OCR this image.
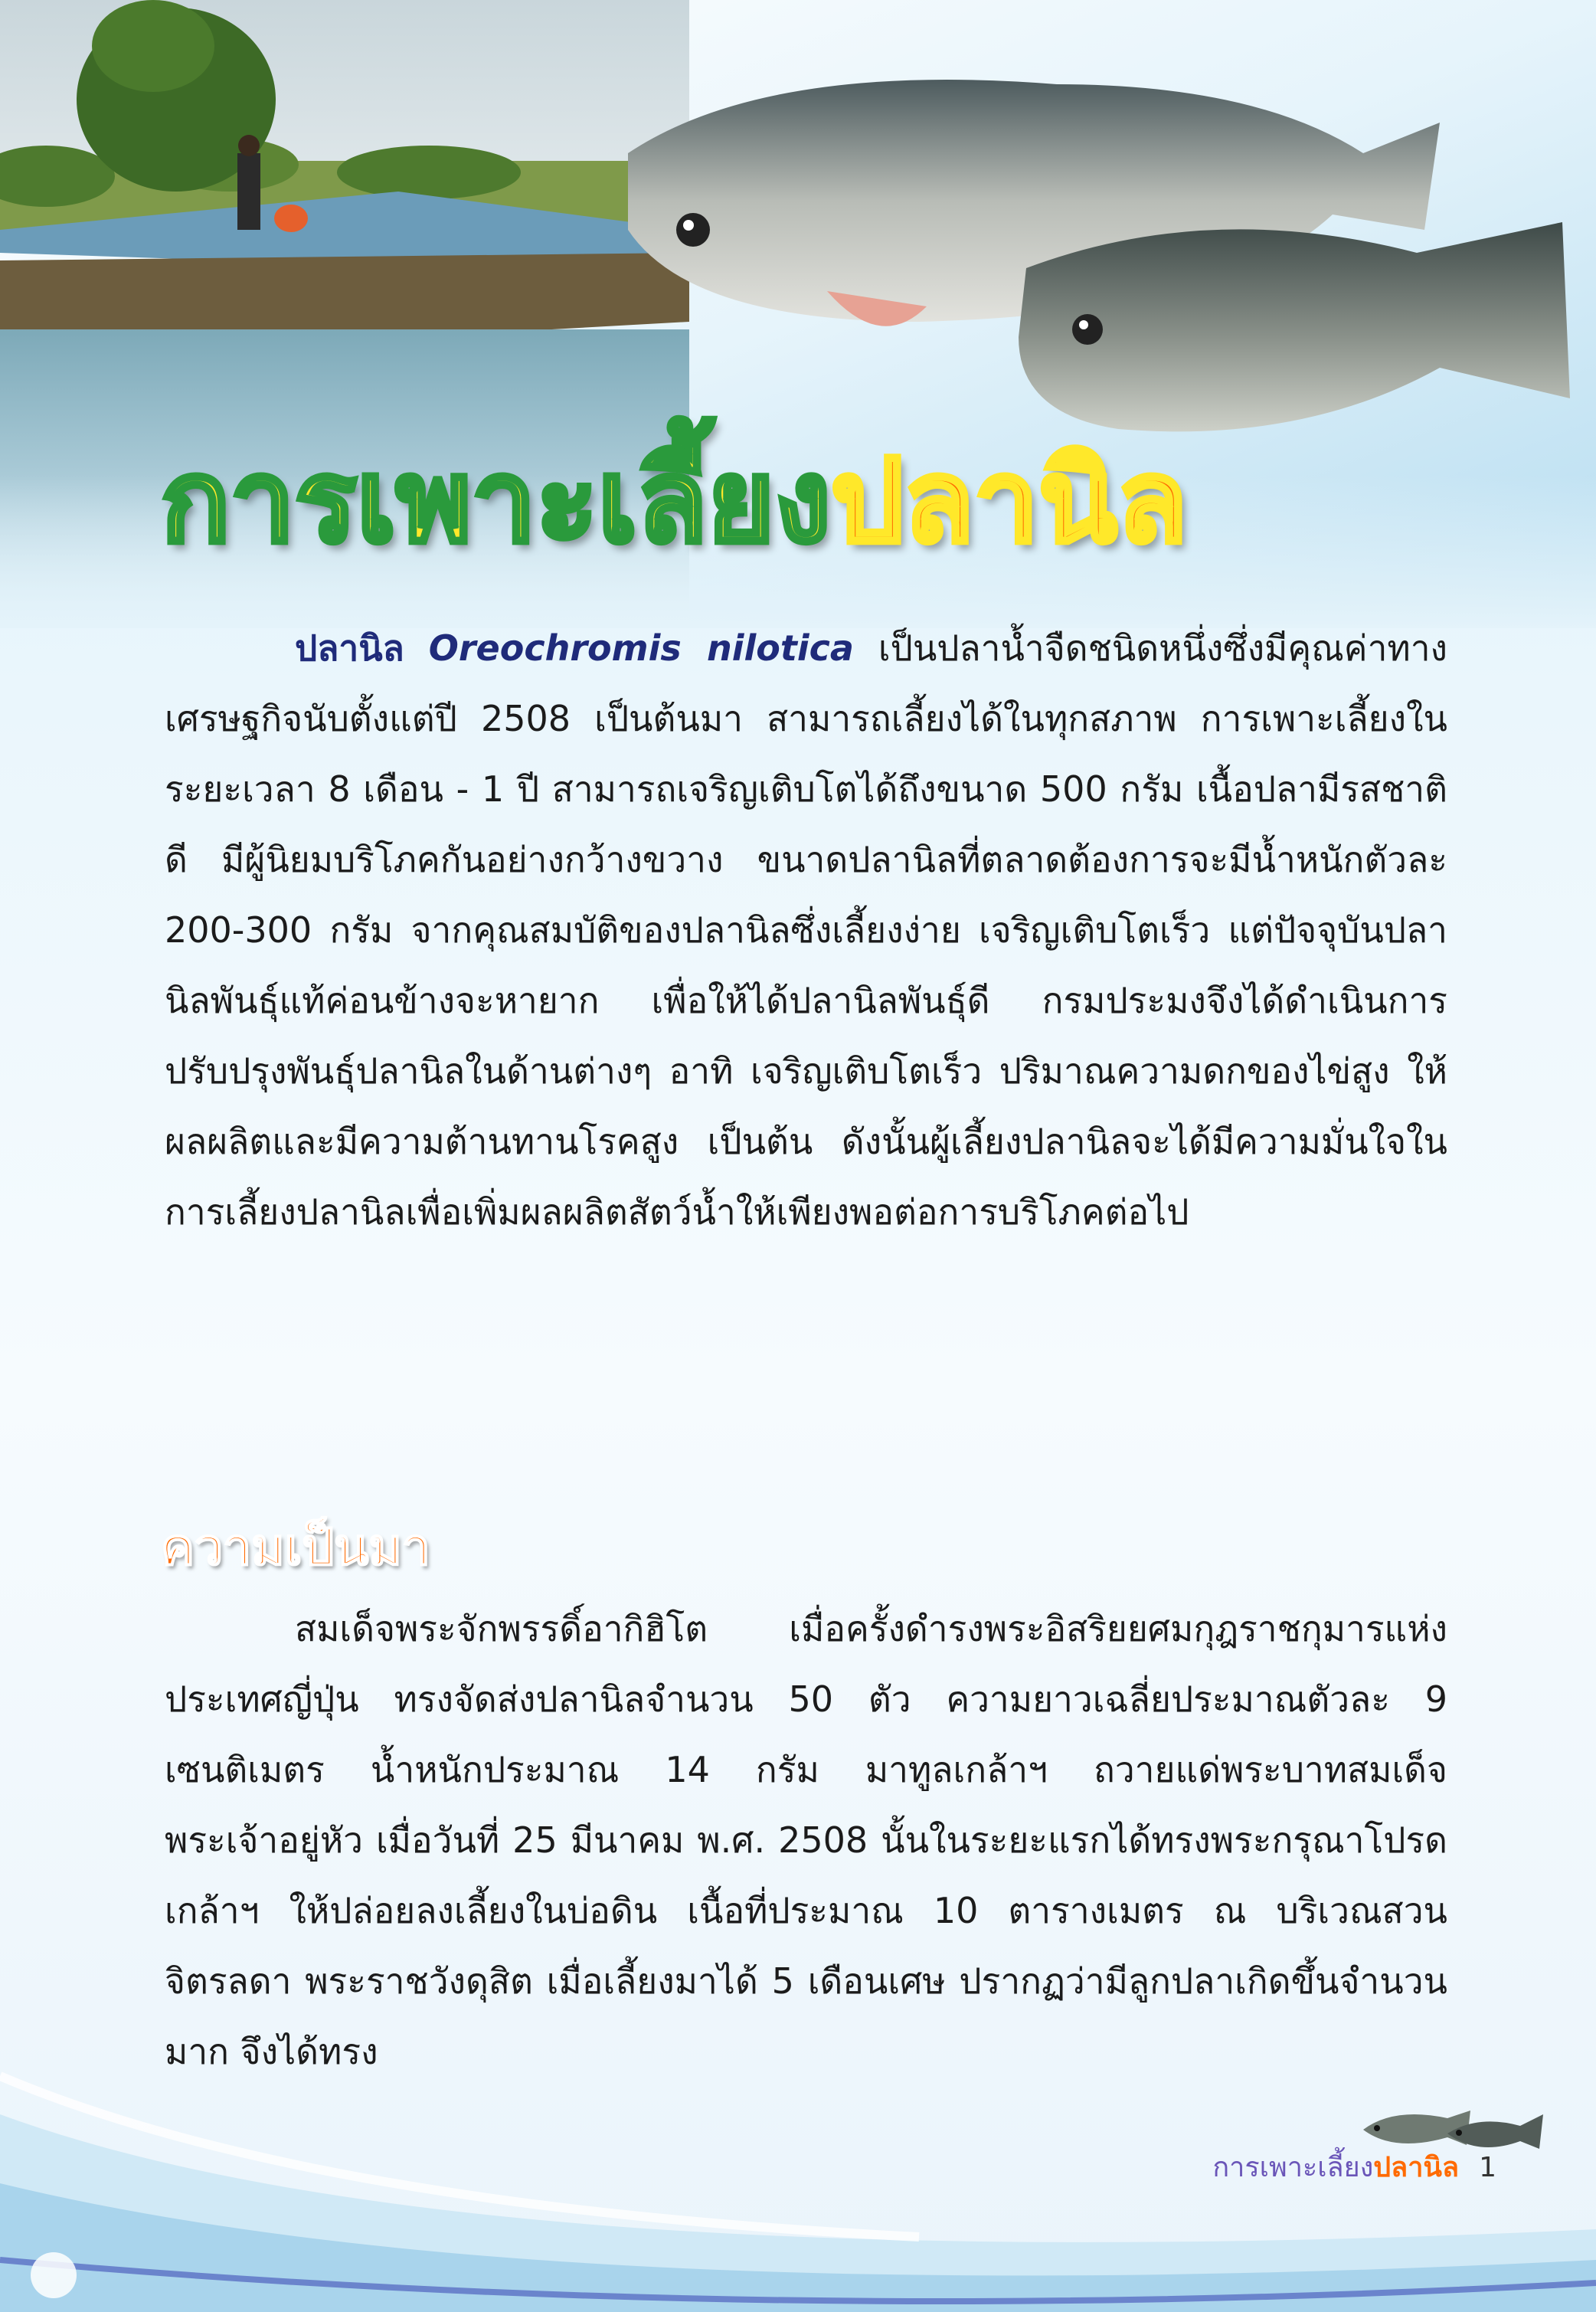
การเพาะเลี้ยงปลานิล
ปลานิล Oreochromis nilotica เป็นปลาน้ำจืดชนิดหนึ่งซึ่งมีคุณค่าทางเศรษฐกิจนับตั้งแต่ปี 2508 เป็นต้นมา สามารถเลี้ยงได้ในทุกสภาพ การเพาะเลี้ยงในระยะเวลา 8 เดือน - 1 ปี สามารถเจริญเติบโตได้ถึงขนาด 500 กรัม เนื้อปลามีรสชาติดี มีผู้นิยมบริโภคกันอย่างกว้างขวาง ขนาดปลานิลที่ตลาดต้องการจะมีน้ำหนักตัวละ 200-300 กรัม จากคุณสมบัติของปลานิลซึ่งเลี้ยงง่าย เจริญเติบโตเร็ว แต่ปัจจุบันปลานิลพันธุ์แท้ค่อนข้างจะหายาก เพื่อให้ได้ปลานิลพันธุ์ดี กรมประมงจึงได้ดำเนินการปรับปรุงพันธุ์ปลานิลในด้านต่างๆ อาทิ เจริญเติบโตเร็ว ปริมาณความดกของไข่สูง ให้ผลผลิตและมีความต้านทานโรคสูง เป็นต้น ดังนั้นผู้เลี้ยงปลานิลจะได้มีความมั่นใจในการเลี้ยงปลานิลเพื่อเพิ่มผลผลิตสัตว์น้ำให้เพียงพอต่อการบริโภคต่อไป
ความเป็นมา
สมเด็จพระจักพรรดิ์อากิฮิโต เมื่อครั้งดำรงพระอิสริยยศมกุฎราชกุมารแห่งประเทศญี่ปุ่น ทรงจัดส่งปลานิลจำนวน 50 ตัว ความยาวเฉลี่ยประมาณตัวละ 9 เซนติเมตร น้ำหนักประมาณ 14 กรัม มาทูลเกล้าฯ ถวายแด่พระบาทสมเด็จพระเจ้าอยู่หัว เมื่อวันที่ 25 มีนาคม พ.ศ. 2508 นั้นในระยะแรกได้ทรงพระกรุณาโปรดเกล้าฯ ให้ปล่อยลงเลี้ยงในบ่อดิน เนื้อที่ประมาณ 10 ตารางเมตร ณ บริเวณสวนจิตรลดา พระราชวังดุสิต เมื่อเลี้ยงมาได้ 5 เดือนเศษ ปรากฏว่ามีลูกปลาเกิดขึ้นจำนวนมาก จึงได้ทรง
การเพาะเลี้ยงปลานิล 1
